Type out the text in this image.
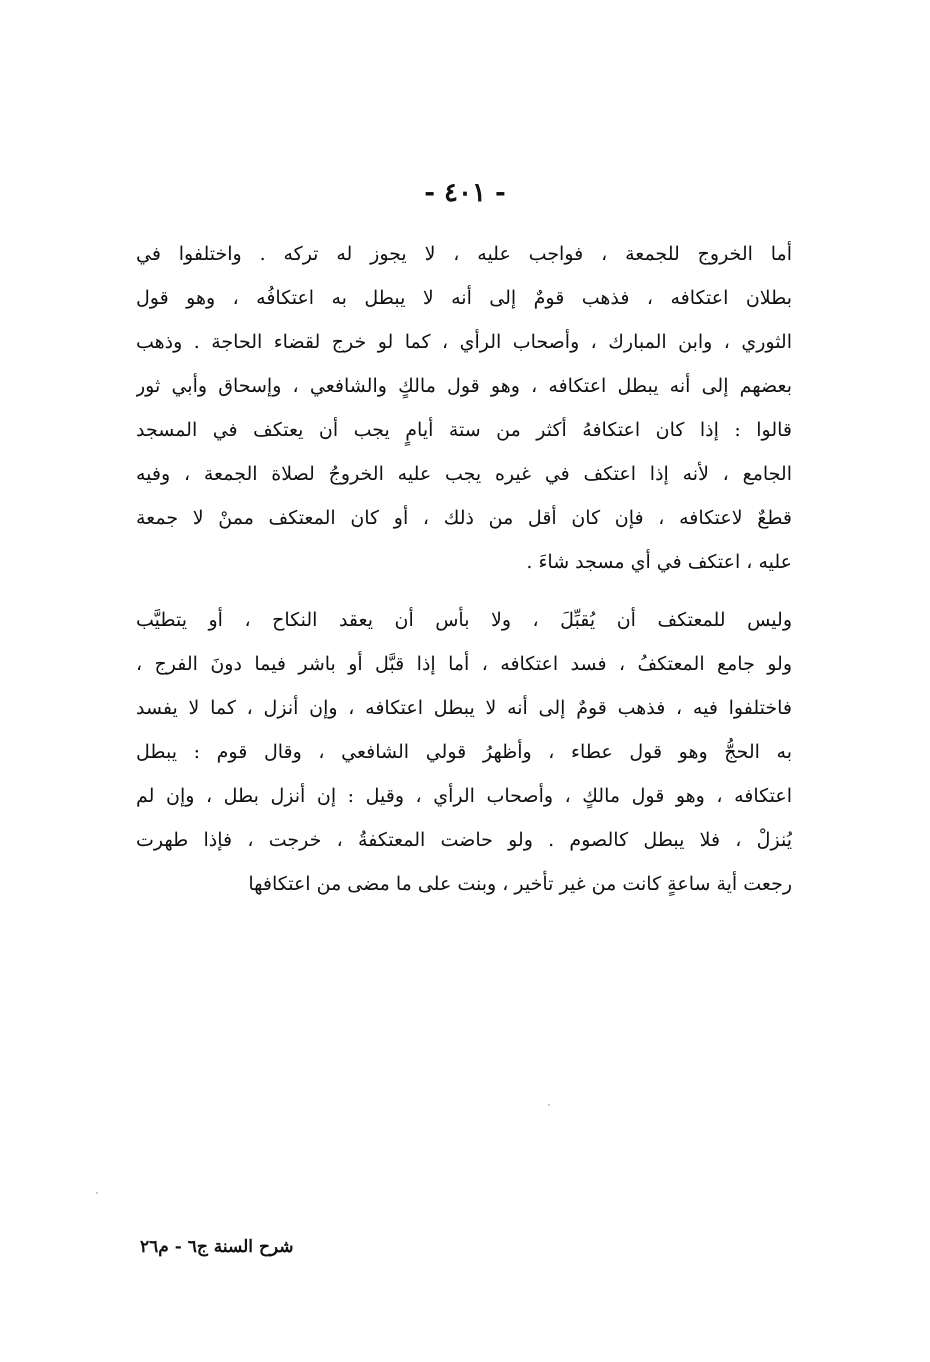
- ٤٠١ -
أما الخروج للجمعة ، فواجب عليه ، لا يجوز له تركه . واختلفوا في
بطلان اعتكافه ، فذهب قومٌ إلى أنه لا يبطل به اعتكافُه ، وهو قول
الثوري ، وابن المبارك ، وأصحاب الرأي ، كما لو خرج لقضاء الحاجة . وذهب
بعضهم إلى أنه يبطل اعتكافه ، وهو قول مالكٍ والشافعي ، وإسحاق وأبي ثور
قالوا : إذا كان اعتكافهُ أكثر من ستة أيامٍ يجب أن يعتكف في المسجد
الجامع ، لأنه إذا اعتكف في غيره يجب عليه الخروجُ لصلاة الجمعة ، وفيه
قطعٌ لاعتكافه ، فإن كان أقل من ذلك ، أو كان المعتكف ممنْ لا جمعة
عليه ، اعتكف في أي مسجد شاءَ .
وليس للمعتكف أن يُقبِّلَ ، ولا بأس أن يعقد النكاح ، أو يتطيَّب
ولو جامع المعتكفُ ، فسد اعتكافه ، أما إذا قبَّل أو باشر فيما دونَ الفرج ،
فاختلفوا فيه ، فذهب قومٌ إلى أنه لا يبطل اعتكافه ، وإن أنزل ، كما لا يفسد
به الحجُّ وهو قول عطاء ، وأظهرُ قولي الشافعي ، وقال قوم : يبطل
اعتكافه ، وهو قول مالكٍ ، وأصحاب الرأي ، وقيل : إن أنزل بطل ، وإن لم
يُنزلْ ، فلا يبطل كالصوم . ولو حاضت المعتكفةُ ، خرجت ، فإذا طهرت
رجعت أية ساعةٍ كانت من غير تأخير ، وبنت على ما مضى من اعتكافها
شرح السنة ج٦ - م٢٦
